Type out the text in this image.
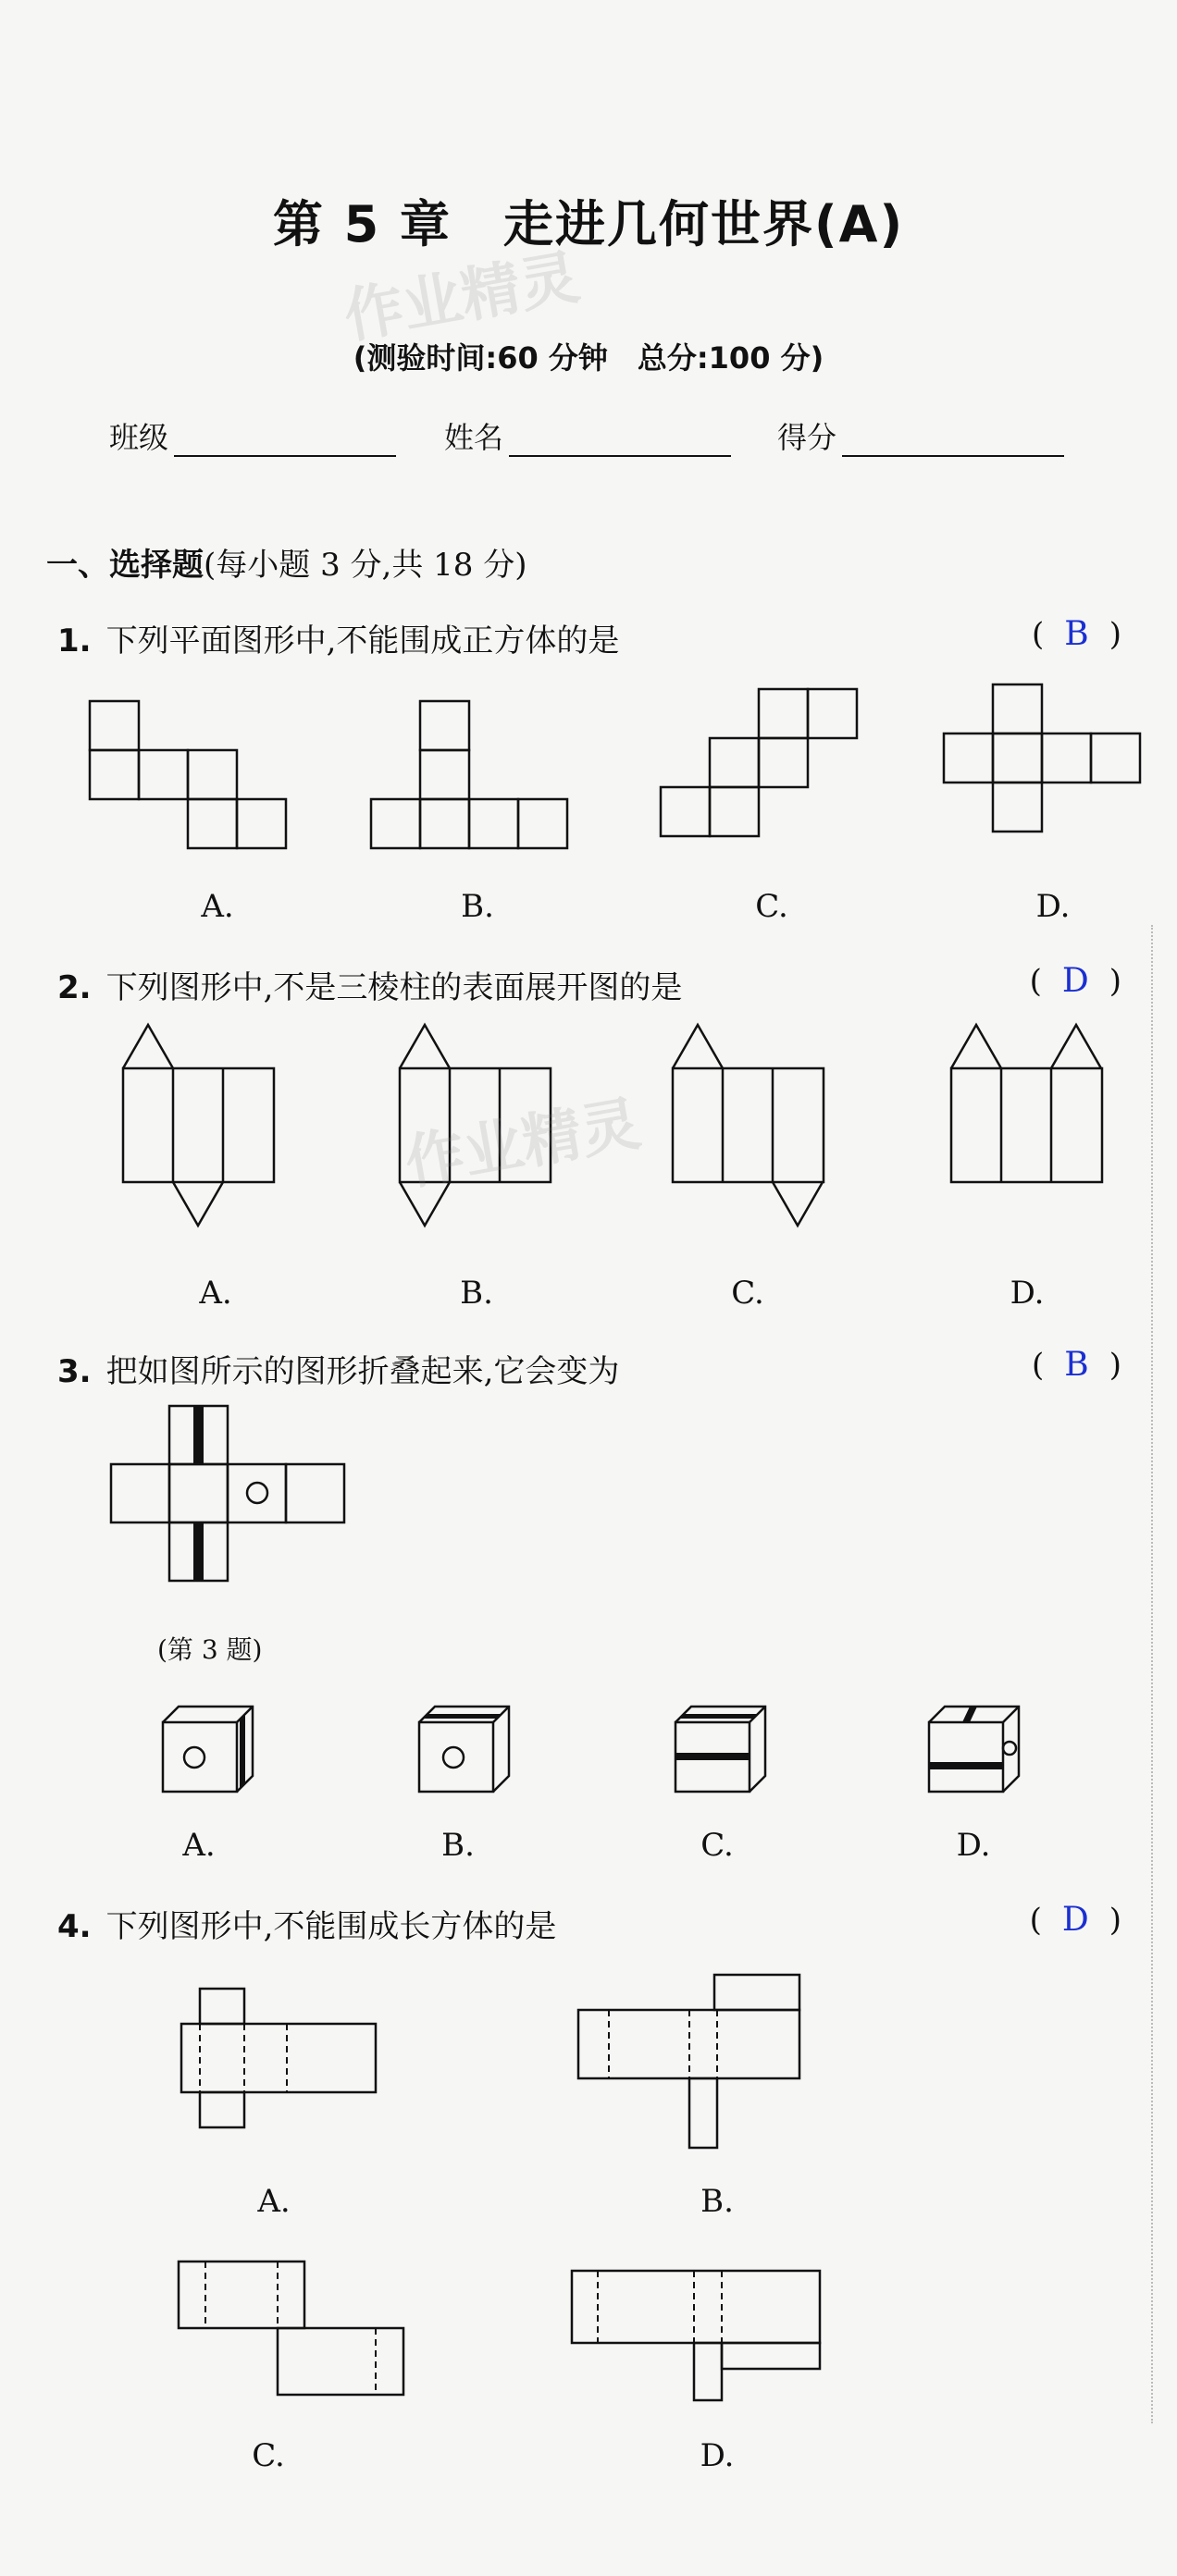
第 5 章　走进几何世界(A)
作业精灵
(测验时间:60 分钟　总分:100 分)
班级	姓名	得分
一、选择题(每小题 3 分,共 18 分)
1. 下列平面图形中,不能围成正方体的是	( B )
A.	B.	C.	D.
作业精灵
2. 下列图形中,不是三棱柱的表面展开图的是	( D )
A.	B.	C.	D.
3. 把如图所示的图形折叠起来,它会变为	( B )
(第 3 题)
A.	B.	C.	D.
4. 下列图形中,不能围成长方体的是	( D )
A.	B.
C.	D.
